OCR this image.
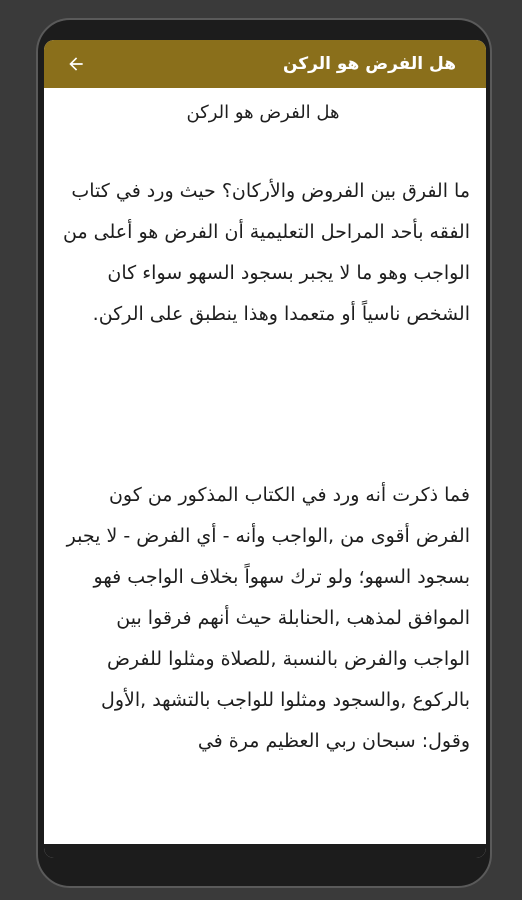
هل الفرض هو الركن
هل الفرض هو الركن

ما الفرق بين الفروض والأركان؟ حيث ورد في كتاب الفقه بأحد المراحل التعليمية أن الفرض هو أعلى من الواجب وهو ما لا يجبر بسجود السهو سواء كان الشخص ناسياً أو متعمدا وهذا ينطبق على الركن.

فما ذكرت أنه ورد في الكتاب المذكور من كون الفرض أقوى من ,الواجب وأنه - أي الفرض - لا يجبر بسجود السهو؛ ولو ترك سهواً بخلاف الواجب فهو الموافق لمذهب ,الحنابلة حيث أنهم فرقوا بين الواجب والفرض بالنسبة ,للصلاة ومثلوا للفرض بالركوع ,والسجود ومثلوا للواجب بالتشهد ,الأول وقول: سبحان ربي العظيم مرة في
